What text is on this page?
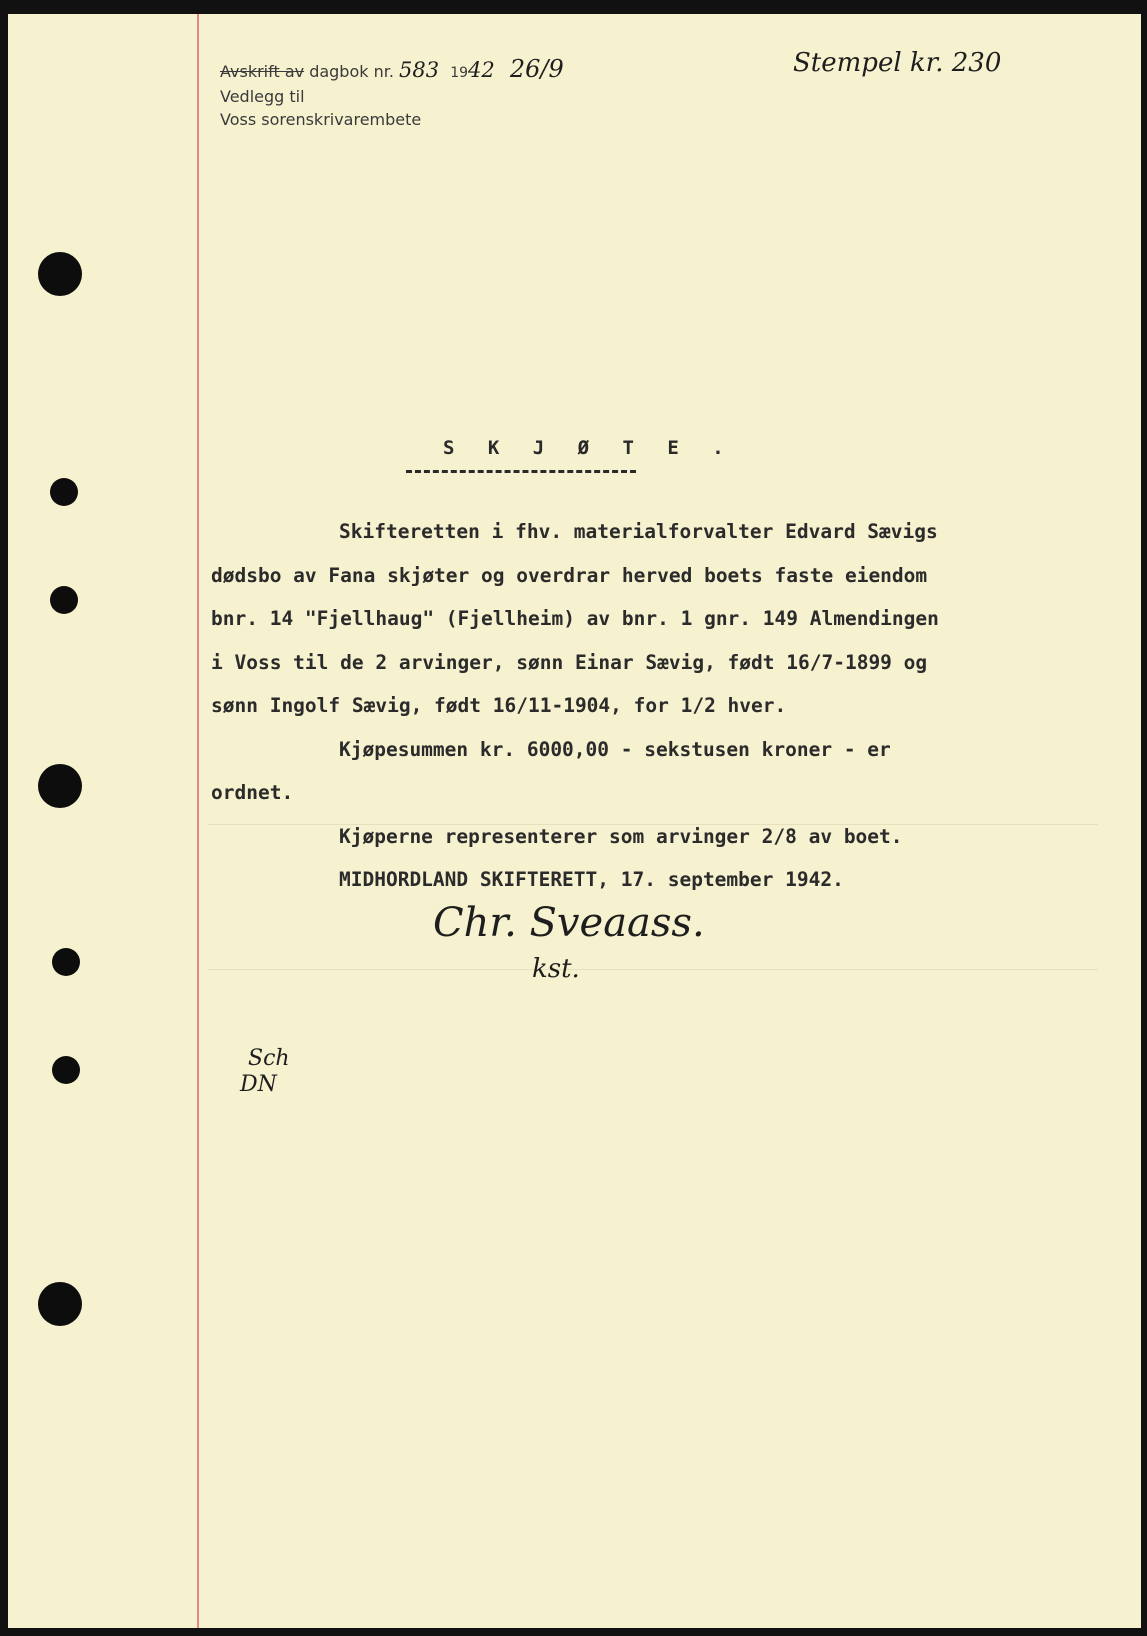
Avskrift av dagbok nr. 583 1942 26/9
Vedlegg til
Voss sorenskrivarembete
Stempel kr. 230
S K J Ø T E .
Skifteretten i fhv. materialforvalter Edvard Sævigs
dødsbo av Fana skjøter og overdrar herved boets faste eiendom
bnr. 14 "Fjellhaug" (Fjellheim) av bnr. 1 gnr. 149 Almendingen
i Voss til de 2 arvinger, sønn Einar Sævig, født 16/7-1899 og
sønn Ingolf Sævig, født 16/11-1904, for 1/2 hver.
Kjøpesummen kr. 6000,00 - sekstusen kroner - er
ordnet.
Kjøperne representerer som arvinger 2/8 av boet.
MIDHORDLAND SKIFTERETT, 17. september 1942.
Chr. Sveaass.
kst.
Sch
DN
